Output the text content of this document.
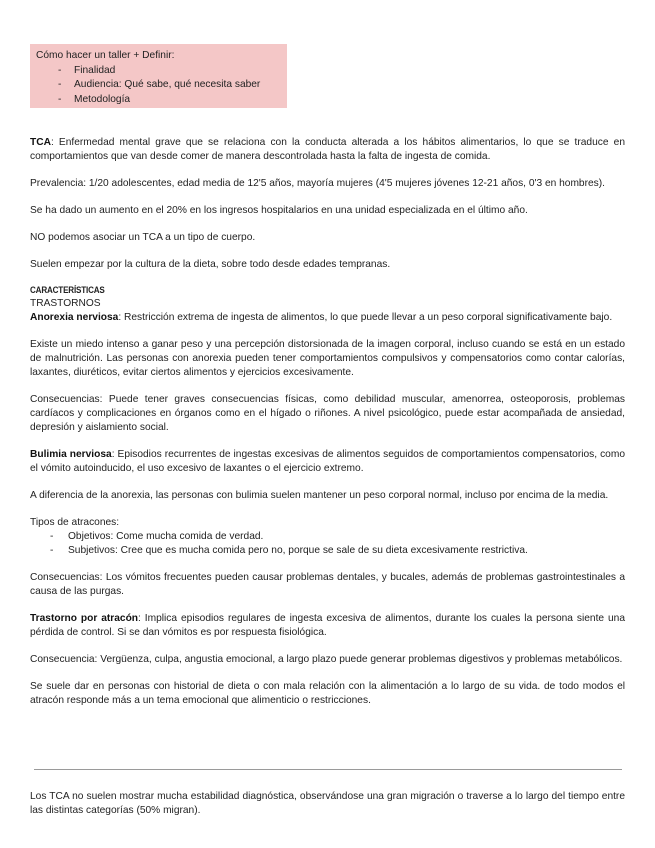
Cómo hacer un taller + Definir:
- Finalidad
- Audiencia: Qué sabe, qué necesita saber
- Metodología

TCA: Enfermedad mental grave que se relaciona con la conducta alterada a los hábitos alimentarios, lo que se traduce en comportamientos que van desde comer de manera descontrolada hasta la falta de ingesta de comida.

Prevalencia: 1/20 adolescentes, edad media de 12'5 años, mayoría mujeres (4'5 mujeres jóvenes 12-21 años, 0'3 en hombres).

Se ha dado un aumento en el 20% en los ingresos hospitalarios en una unidad especializada en el último año.

NO podemos asociar un TCA a un tipo de cuerpo.

Suelen empezar por la cultura de la dieta, sobre todo desde edades tempranas.

CARACTERÍSTICAS

TRASTORNOS

Anorexia nerviosa: Restricción extrema de ingesta de alimentos, lo que puede llevar a un peso corporal significativamente bajo.

Existe un miedo intenso a ganar peso y una percepción distorsionada de la imagen corporal, incluso cuando se está en un estado de malnutrición. Las personas con anorexia pueden tener comportamientos compulsivos y compensatorios como contar calorías, laxantes, diuréticos, evitar ciertos alimentos y ejercicios excesivamente.

Consecuencias: Puede tener graves consecuencias físicas, como debilidad muscular, amenorrea, osteoporosis, problemas cardíacos y complicaciones en órganos como en el hígado o riñones. A nivel psicológico, puede estar acompañada de ansiedad, depresión y aislamiento social.

Bulimia nerviosa: Episodios recurrentes de ingestas excesivas de alimentos seguidos de comportamientos compensatorios, como el vómito autoinducido, el uso excesivo de laxantes o el ejercicio extremo.

A diferencia de la anorexia, las personas con bulimia suelen mantener un peso corporal normal, incluso por encima de la media.

Tipos de atracones:

- Objetivos: Come mucha comida de verdad.
- Subjetivos: Cree que es mucha comida pero no, porque se sale de su dieta excesivamente restrictiva.

Consecuencias: Los vómitos frecuentes pueden causar problemas dentales, y bucales, además de problemas gastrointestinales a causa de las purgas.

Trastorno por atracón: Implica episodios regulares de ingesta excesiva de alimentos, durante los cuales la persona siente una pérdida de control. Si se dan vómitos es por respuesta fisiológica.

Consecuencia: Vergüenza, culpa, angustia emocional, a largo plazo puede generar problemas digestivos y problemas metabólicos.

Se suele dar en personas con historial de dieta o con mala relación con la alimentación a lo largo de su vida. de todo modos el atracón responde más a un tema emocional que alimenticio o restricciones.

Los TCA no suelen mostrar mucha estabilidad diagnóstica, observándose una gran migración o traverse a lo largo del tiempo entre las distintas categorías (50% migran).
